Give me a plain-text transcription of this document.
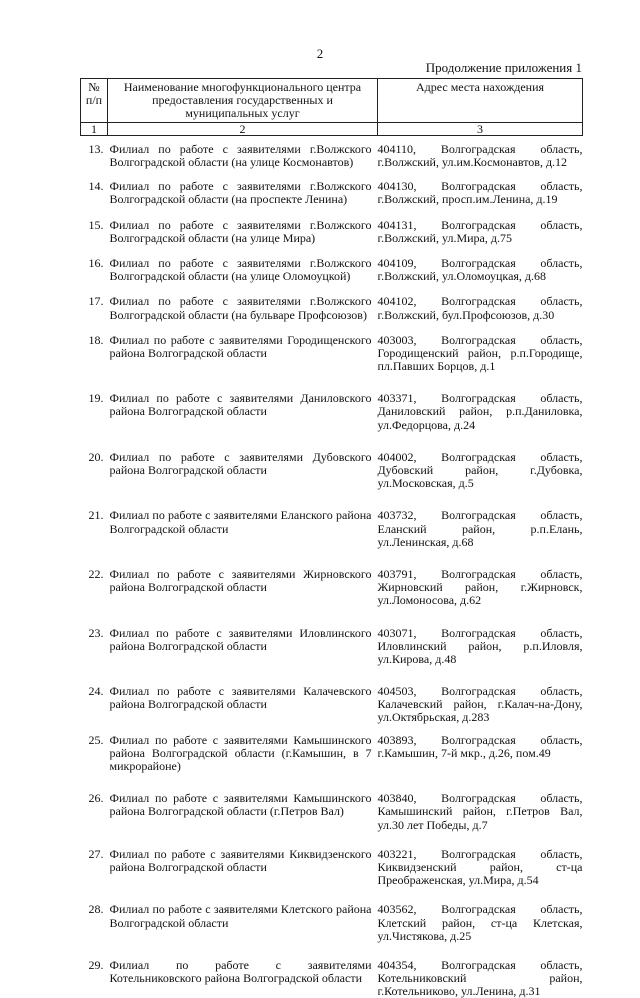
2
Продолжение приложения 1
№ п/п	Наименование многофункционального центра предоставления государственных и муниципальных услуг	Адрес места нахождения
1	2	3
13.	Филиал по работе с заявителями г.Волжского Волгоградской области (на улице Космонавтов)	404110, Волгоградская область, г.Волжский, ул.им.Космонавтов, д.12
14.	Филиал по работе с заявителями г.Волжского Волгоградской области (на проспекте Ленина)	404130, Волгоградская область, г.Волжский, просп.им.Ленина, д.19
15.	Филиал по работе с заявителями г.Волжского Волгоградской области (на улице Мира)	404131, Волгоградская область, г.Волжский, ул.Мира, д.75
16.	Филиал по работе с заявителями г.Волжского Волгоградской области (на улице Оломоуцкой)	404109, Волгоградская область, г.Волжский, ул.Оломоуцкая, д.68
17.	Филиал по работе с заявителями г.Волжского Волгоградской области (на бульваре Профсоюзов)	404102, Волгоградская область, г.Волжский, бул.Профсоюзов, д.30
18.	Филиал по работе с заявителями Городищенского района Волгоградской области	403003, Волгоградская область, Городищенский район, р.п.Городище, пл.Павших Борцов, д.1
19.	Филиал по работе с заявителями Даниловского района Волгоградской области	403371, Волгоградская область, Даниловский район, р.п.Даниловка, ул.Федорцова, д.24
20.	Филиал по работе с заявителями Дубовского района Волгоградской области	404002, Волгоградская область, Дубовский район, г.Дубовка, ул.Московская, д.5
21.	Филиал по работе с заявителями Еланского района Волгоградской области	403732, Волгоградская область, Еланский район, р.п.Елань, ул.Ленинская, д.68
22.	Филиал по работе с заявителями Жирновского района Волгоградской области	403791, Волгоградская область, Жирновский район, г.Жирновск, ул.Ломоносова, д.62
23.	Филиал по работе с заявителями Иловлинского района Волгоградской области	403071, Волгоградская область, Иловлинский район, р.п.Иловля, ул.Кирова, д.48
24.	Филиал по работе с заявителями Калачевского района Волгоградской области	404503, Волгоградская область, Калачевский район, г.Калач-на-Дону, ул.Октябрьская, д.283
25.	Филиал по работе с заявителями Камышинского района Волгоградской области (г.Камышин, в 7 микрорайоне)	403893, Волгоградская область, г.Камышин, 7-й мкр., д.26, пом.49
26.	Филиал по работе с заявителями Камышинского района Волгоградской области (г.Петров Вал)	403840, Волгоградская область, Камышинский район, г.Петров Вал, ул.30 лет Победы, д.7
27.	Филиал по работе с заявителями Киквидзенского района Волгоградской области	403221, Волгоградская область, Киквидзенский район, ст-ца Преображенская, ул.Мира, д.54
28.	Филиал по работе с заявителями Клетского района Волгоградской области	403562, Волгоградская область, Клетский район, ст-ца Клетская, ул.Чистякова, д.25
29.	Филиал по работе с заявителями Котельниковского района Волгоградской области	404354, Волгоградская область, Котельниковский район, г.Котельниково, ул.Ленина, д.31
